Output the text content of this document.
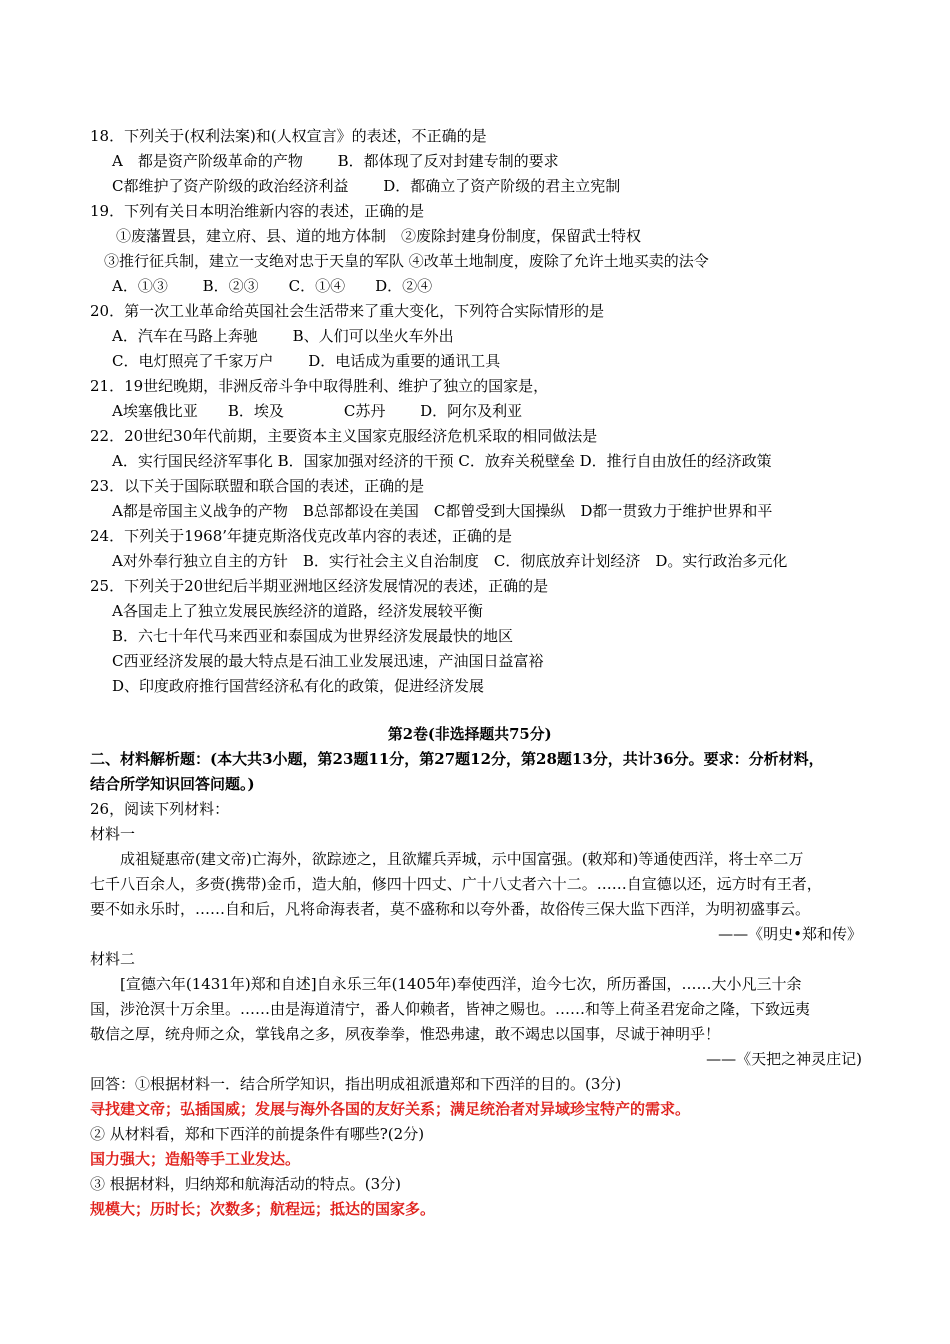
18．下列关于(权利法案)和(人权宣言》的表述，不正确的是
A　都是资产阶级革命的产物　　 B．都体现了反对封建专制的要求
C都维护了资产阶级的政治经济利益　　 D．都确立了资产阶级的君主立宪制
19．下列有关日本明治维新内容的表述，正确的是
①废藩置县，建立府、县、道的地方体制　②废除封建身份制度，保留武士特权
③推行征兵制，建立一支绝对忠于天皇的军队 ④改革土地制度，废除了允许土地买卖的法令
A．①③　　 B．②③　　C．①④　　D．②④
20．第一次工业革命给英国社会生活带来了重大变化，下列符合实际情形的是
A．汽车在马路上奔驰　　 B、人们可以坐火车外出
C．电灯照亮了千家万户　　 D．电话成为重要的通讯工具
21．19世纪晚期，非洲反帝斗争中取得胜利、维护了独立的国家是，
A埃塞俄比亚　　B．埃及　　　　C苏丹　　 D．阿尔及利亚
22．20世纪30年代前期，主要资本主义国家克服经济危机采取的相同做法是
A．实行国民经济军事化 B．国家加强对经济的干预 C．放弃关税壁垒 D．推行自由放任的经济政策
23．以下关于国际联盟和联合国的表述，正确的是
A都是帝国主义战争的产物　B总部都设在美国　C都曾受到大国操纵　D都一贯致力于维护世界和平
24．下列关于1968’年捷克斯洛伐克改革内容的表述，正确的是
A对外奉行独立自主的方针　B．实行社会主义自治制度　C．彻底放弃计划经济　D。实行政治多元化
25．下列关于20世纪后半期亚洲地区经济发展情况的表述，正确的是
A各国走上了独立发展民族经济的道路，经济发展较平衡
B．六七十年代马来西亚和泰国成为世界经济发展最快的地区
C西亚经济发展的最大特点是石油工业发展迅速，产油国日益富裕
D、印度政府推行国营经济私有化的政策，促进经济发展
第2卷(非选择题共75分)
二、材料解析题：(本大共3小题，第23题11分，第27题12分，第28题13分，共计36分。要求：分析材料，
结合所学知识回答问题。)
26，阅读下列材料：
材料一
成祖疑惠帝(建文帝)亡海外，欲踪迹之，且欲耀兵弄城，示中国富强。(敕郑和)等通使西洋，将士卒二万
七千八百余人，多赍(携带)金币，造大舶，修四十四丈、广十八丈者六十二。……自宣德以还，远方时有王者，
要不如永乐时，……自和后，凡将命海表者，莫不盛称和以夸外番，故俗传三保大监下西洋，为明初盛事云。
——《明史•郑和传》
材料二
[宣德六年(1431年)郑和自述]自永乐三年(1405年)奉使西洋，迨今七次，所历番国，……大小凡三十余
国，涉沧溟十万余里。……由是海道清宁，番人仰赖者，皆神之赐也。……和等上荷圣君宠命之隆，下致远夷
敬信之厚，统舟师之众，掌钱帛之多，夙夜拳拳，惟恐弗逮，敢不竭忠以国事，尽诚于神明乎！
——《天把之神灵庄记)
回答：①根据材料一．结合所学知识，指出明成祖派遣郑和下西洋的目的。(3分)
寻找建文帝；弘插国威；发展与海外各国的友好关系；满足统治者对异域珍宝特产的需求。
② 从材料看，郑和下西洋的前提条件有哪些?(2分)
国力强大；造船等手工业发达。
③ 根据材料，归纳郑和航海活动的特点。(3分)
规模大；历时长；次数多；航程远；抵达的国家多。
